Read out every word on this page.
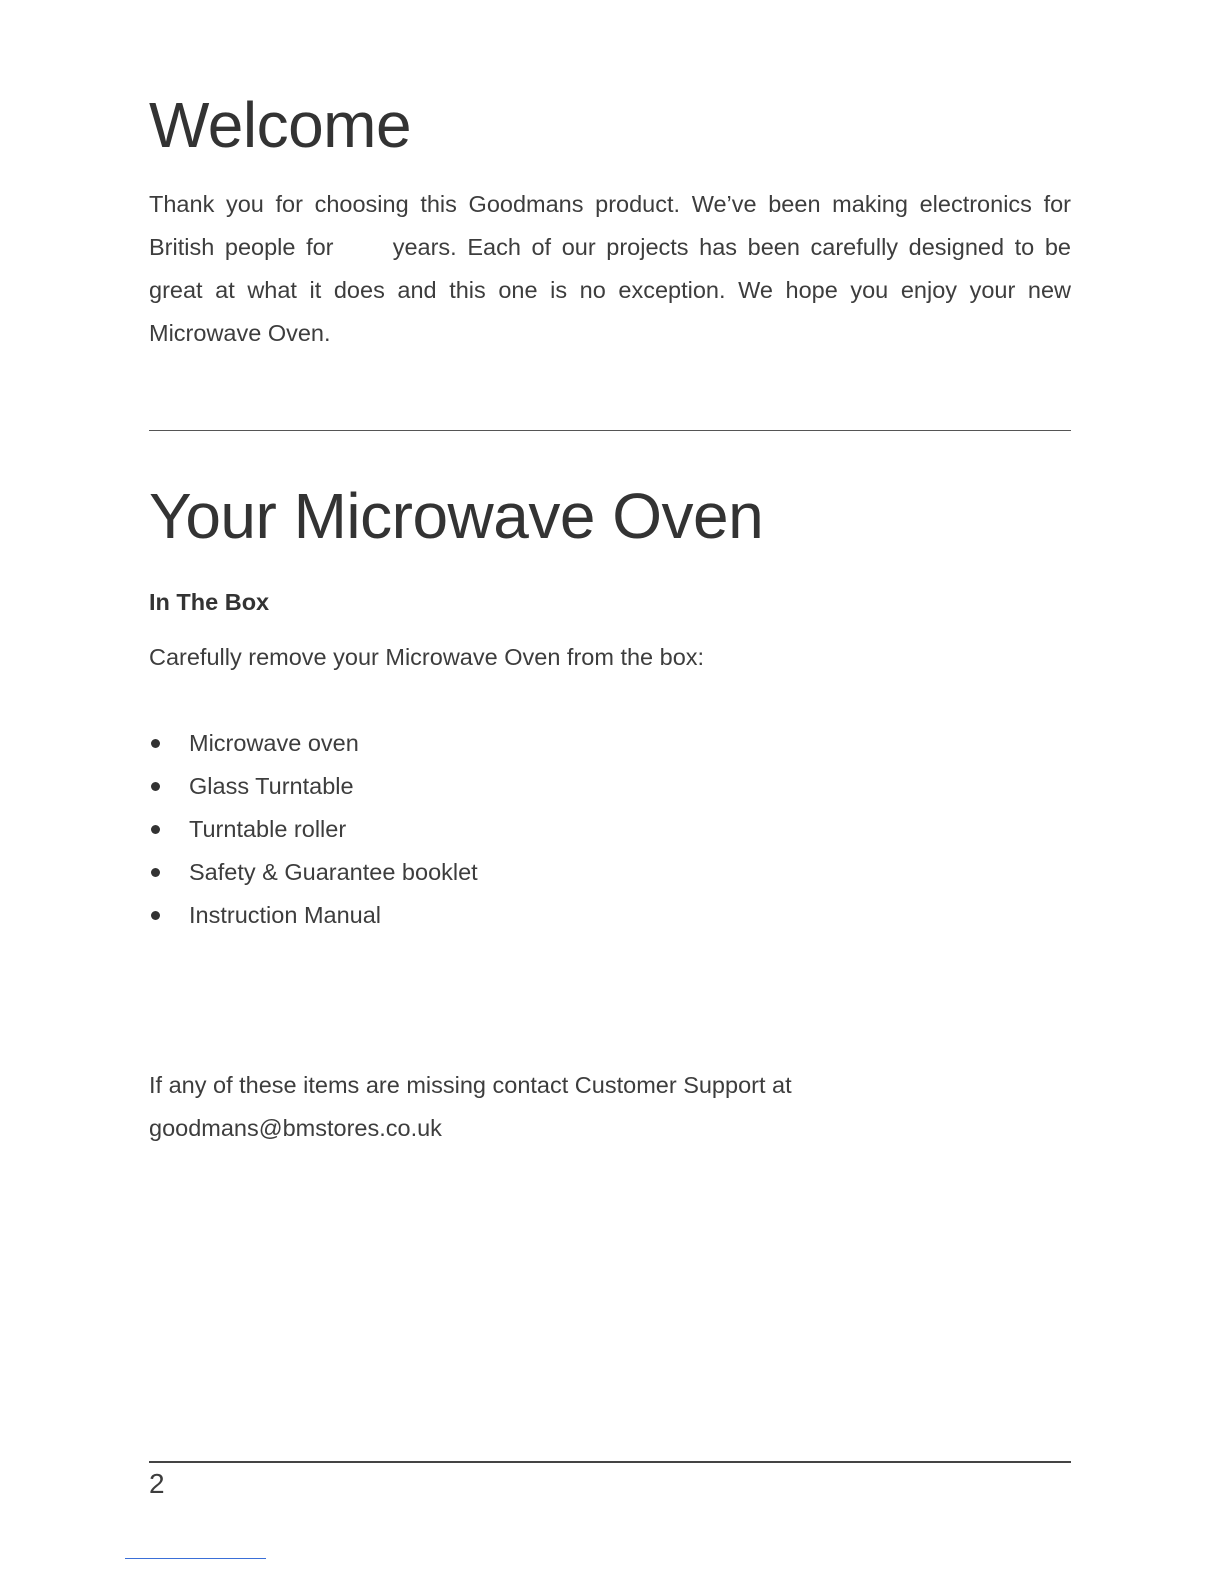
Welcome

Thank you for choosing this Goodmans product. We’ve been making electronics for British people for	years. Each of our projects has been carefully designed to be great at what it does and this one is no exception. We hope you enjoy your new Microwave Oven.

Your Microwave Oven

In The Box

Carefully remove your Microwave Oven from the box:

Microwave oven
Glass Turntable
Turntable roller
Safety & Guarantee booklet
Instruction Manual

If any of these items are missing contact Customer Support at
goodmans@bmstores.co.uk

2
